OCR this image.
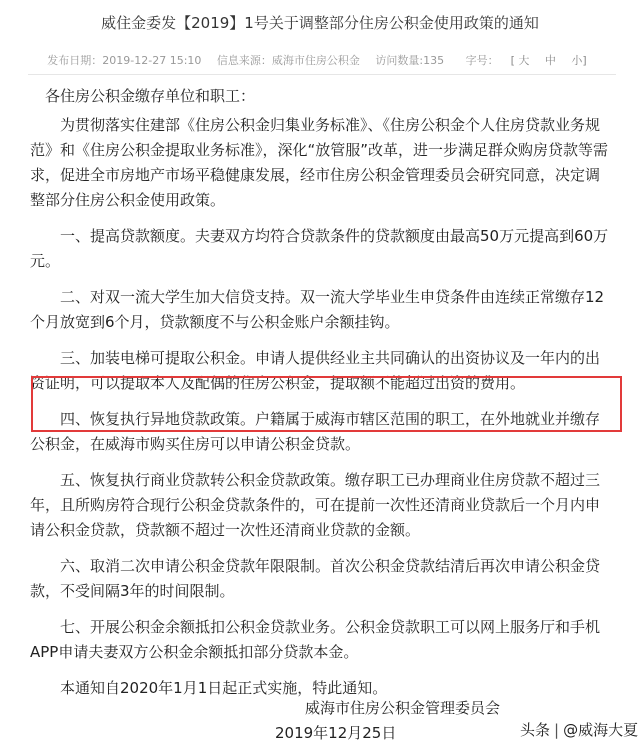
威住金委发【2019】1号关于调整部分住房公积金使用政策的通知
发布日期：2019-12-27 15:10 信息来源：威海市住房公积金 访问数量:135 字号： [ 大 中 小]

各住房公积金缴存单位和职工：

为贯彻落实住建部《住房公积金归集业务标准》、《住房公积金个人住房贷款业务规范》和《住房公积金提取业务标准》，深化“放管服”改革，进一步满足群众购房贷款等需求，促进全市房地产市场平稳健康发展，经市住房公积金管理委员会研究同意，决定调整部分住房公积金使用政策。

一、提高贷款额度。夫妻双方均符合贷款条件的贷款额度由最高50万元提高到60万元。

二、对双一流大学生加大信贷支持。双一流大学毕业生申贷条件由连续正常缴存12个月放宽到6个月，贷款额度不与公积金账户余额挂钩。

三、加装电梯可提取公积金。申请人提供经业主共同确认的出资协议及一年内的出资证明，可以提取本人及配偶的住房公积金，提取额不能超过出资的费用。

四、恢复执行异地贷款政策。户籍属于威海市辖区范围的职工，在外地就业并缴存公积金，在威海市购买住房可以申请公积金贷款。

五、恢复执行商业贷款转公积金贷款政策。缴存职工已办理商业住房贷款不超过三年，且所购房符合现行公积金贷款条件的，可在提前一次性还清商业贷款后一个月内申请公积金贷款，贷款额不超过一次性还清商业贷款的金额。

六、取消二次申请公积金贷款年限限制。首次公积金贷款结清后再次申请公积金贷款，不受间隔3年的时间限制。

七、开展公积金余额抵扣公积金贷款业务。公积金贷款职工可以网上服务厅和手机APP申请夫妻双方公积金余额抵扣部分贷款本金。

本通知自2020年1月1日起正式实施，特此通知。

威海市住房公积金管理委员会
2019年12月25日	头条 | @威海大夏
